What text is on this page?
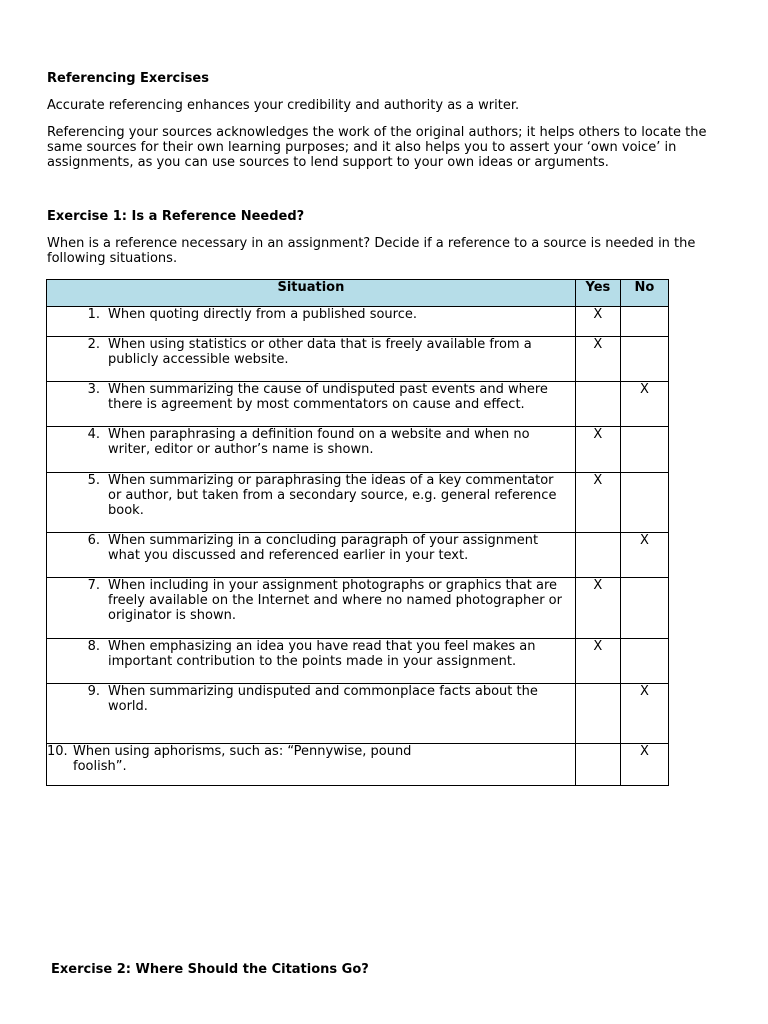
Referencing Exercises
Accurate referencing enhances your credibility and authority as a writer.
Referencing your sources acknowledges the work of the original authors; it helps others to locate the same sources for their own learning purposes; and it also helps you to assert your ‘own voice’ in assignments, as you can use sources to lend support to your own ideas or arguments.
Exercise 1: Is a Reference Needed?
When is a reference necessary in an assignment? Decide if a reference to a source is needed in the following situations.
Situation	Yes	No

1. When quoting directly from a published source.	X	

2. When using statistics or other data that is freely available from a publicly accessible website.	X	

3. When summarizing the cause of undisputed past events and where there is agreement by most commentators on cause and effect.		X

4. When paraphrasing a definition found on a website and when no writer, editor or author’s name is shown.	X	

5. When summarizing or paraphrasing the ideas of a key commentator or author, but taken from a secondary source, e.g. general reference book.	X	

6. When summarizing in a concluding paragraph of your assignment what you discussed and referenced earlier in your text.		X

7. When including in your assignment photographs or graphics that are freely available on the Internet and where no named photographer or originator is shown.	X	

8. When emphasizing an idea you have read that you feel makes an important contribution to the points made in your assignment.	X	

9. When summarizing undisputed and commonplace facts about the world.		X

10. When using aphorisms, such as: “Pennywise, pound foolish”.		X
Exercise 2: Where Should the Citations Go?
